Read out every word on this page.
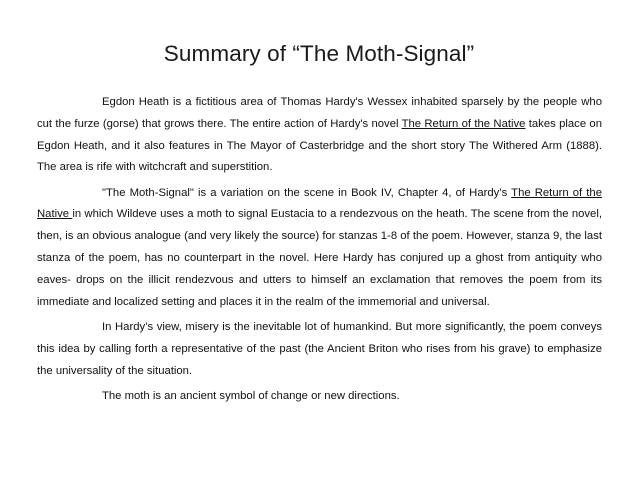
Summary of “The Moth-Signal”

Egdon Heath is a fictitious area of Thomas Hardy's Wessex inhabited sparsely by the people who cut the furze (gorse) that grows there. The entire action of Hardy's novel The Return of the Native takes place on Egdon Heath, and it also features in The Mayor of Casterbridge and the short story The Withered Arm (1888). The area is rife with witchcraft and superstition.

"The Moth-Signal" is a variation on the scene in Book IV, Chapter 4, of Hardy’s The Return of the Native in which Wildeve uses a moth to signal Eustacia to a rendezvous on the heath. The scene from the novel, then, is an obvious analogue (and very likely the source) for stanzas 1-8 of the poem. However, stanza 9, the last stanza of the poem, has no counterpart in the novel. Here Hardy has conjured up a ghost from antiquity who eaves- drops on the illicit rendezvous and utters to himself an exclamation that removes the poem from its immediate and localized setting and places it in the realm of the immemorial and universal.

In Hardy’s view, misery is the inevitable lot of humankind. But more significantly, the poem conveys this idea by calling forth a representative of the past (the Ancient Briton who rises from his grave) to emphasize the universality of the situation.

The moth is an ancient symbol of change or new directions.
